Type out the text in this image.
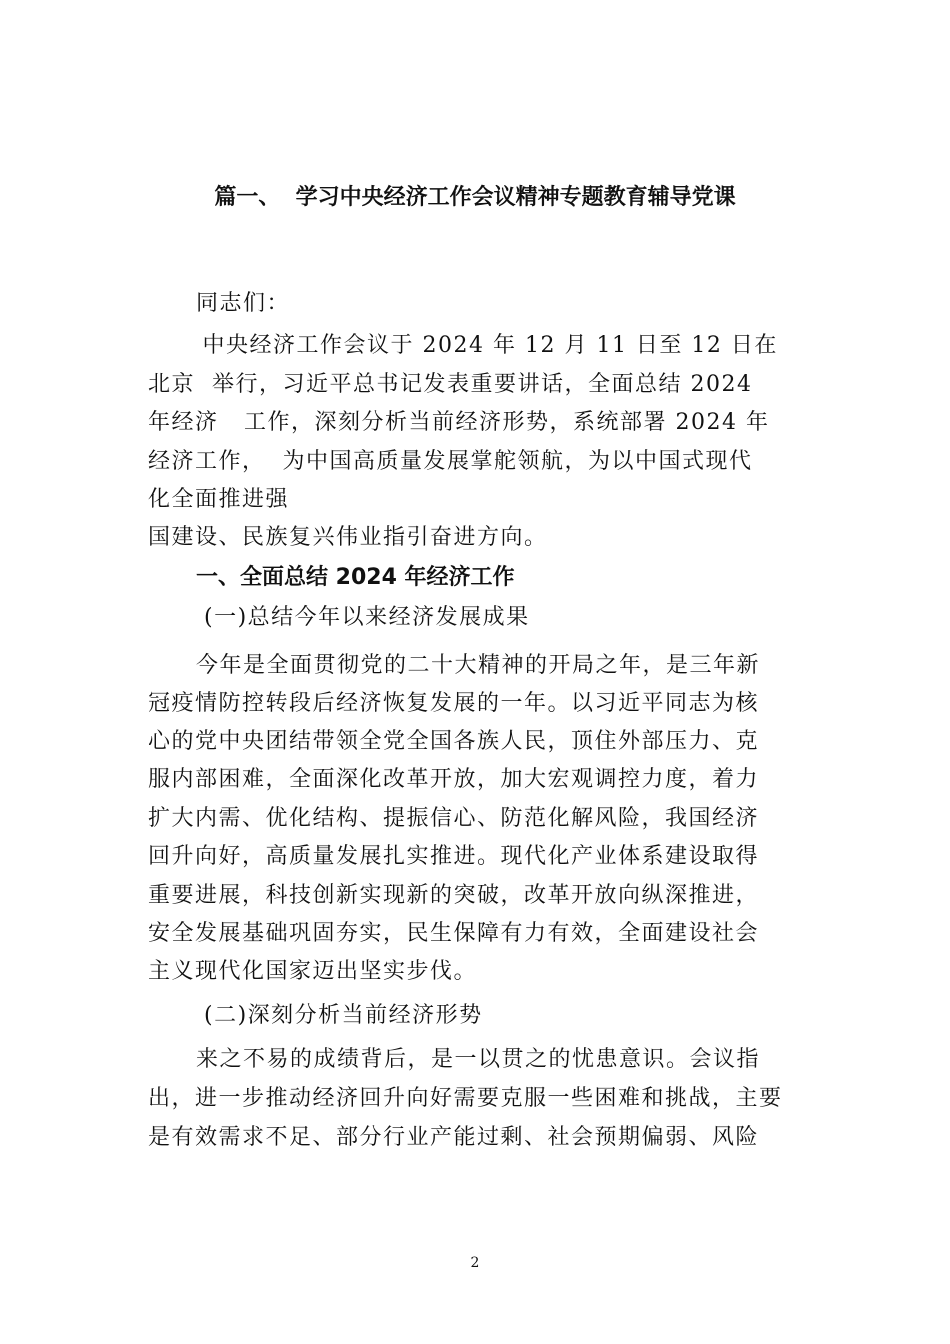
篇一、  学习中央经济工作会议精神专题教育辅导党课
同志们：
中央经济工作会议于 2024 年 12 月 11 日至 12 日在
北京  举行，习近平总书记发表重要讲话，全面总结 2024
年经济   工作，深刻分析当前经济形势，系统部署 2024 年
经济工作，  为中国高质量发展掌舵领航，为以中国式现代
化全面推进强
国建设、民族复兴伟业指引奋进方向。
一、全面总结 2024 年经济工作
(一)总结今年以来经济发展成果
今年是全面贯彻党的二十大精神的开局之年，是三年新
冠疫情防控转段后经济恢复发展的一年。以习近平同志为核
心的党中央团结带领全党全国各族人民，顶住外部压力、克
服内部困难，全面深化改革开放，加大宏观调控力度，着力
扩大内需、优化结构、提振信心、防范化解风险，我国经济
回升向好，高质量发展扎实推进。现代化产业体系建设取得
重要进展，科技创新实现新的突破，改革开放向纵深推进，
安全发展基础巩固夯实，民生保障有力有效，全面建设社会
主义现代化国家迈出坚实步伐。
(二)深刻分析当前经济形势
来之不易的成绩背后，是一以贯之的忧患意识。会议指
出，进一步推动经济回升向好需要克服一些困难和挑战，主要
是有效需求不足、部分行业产能过剩、社会预期偏弱、风险
2
